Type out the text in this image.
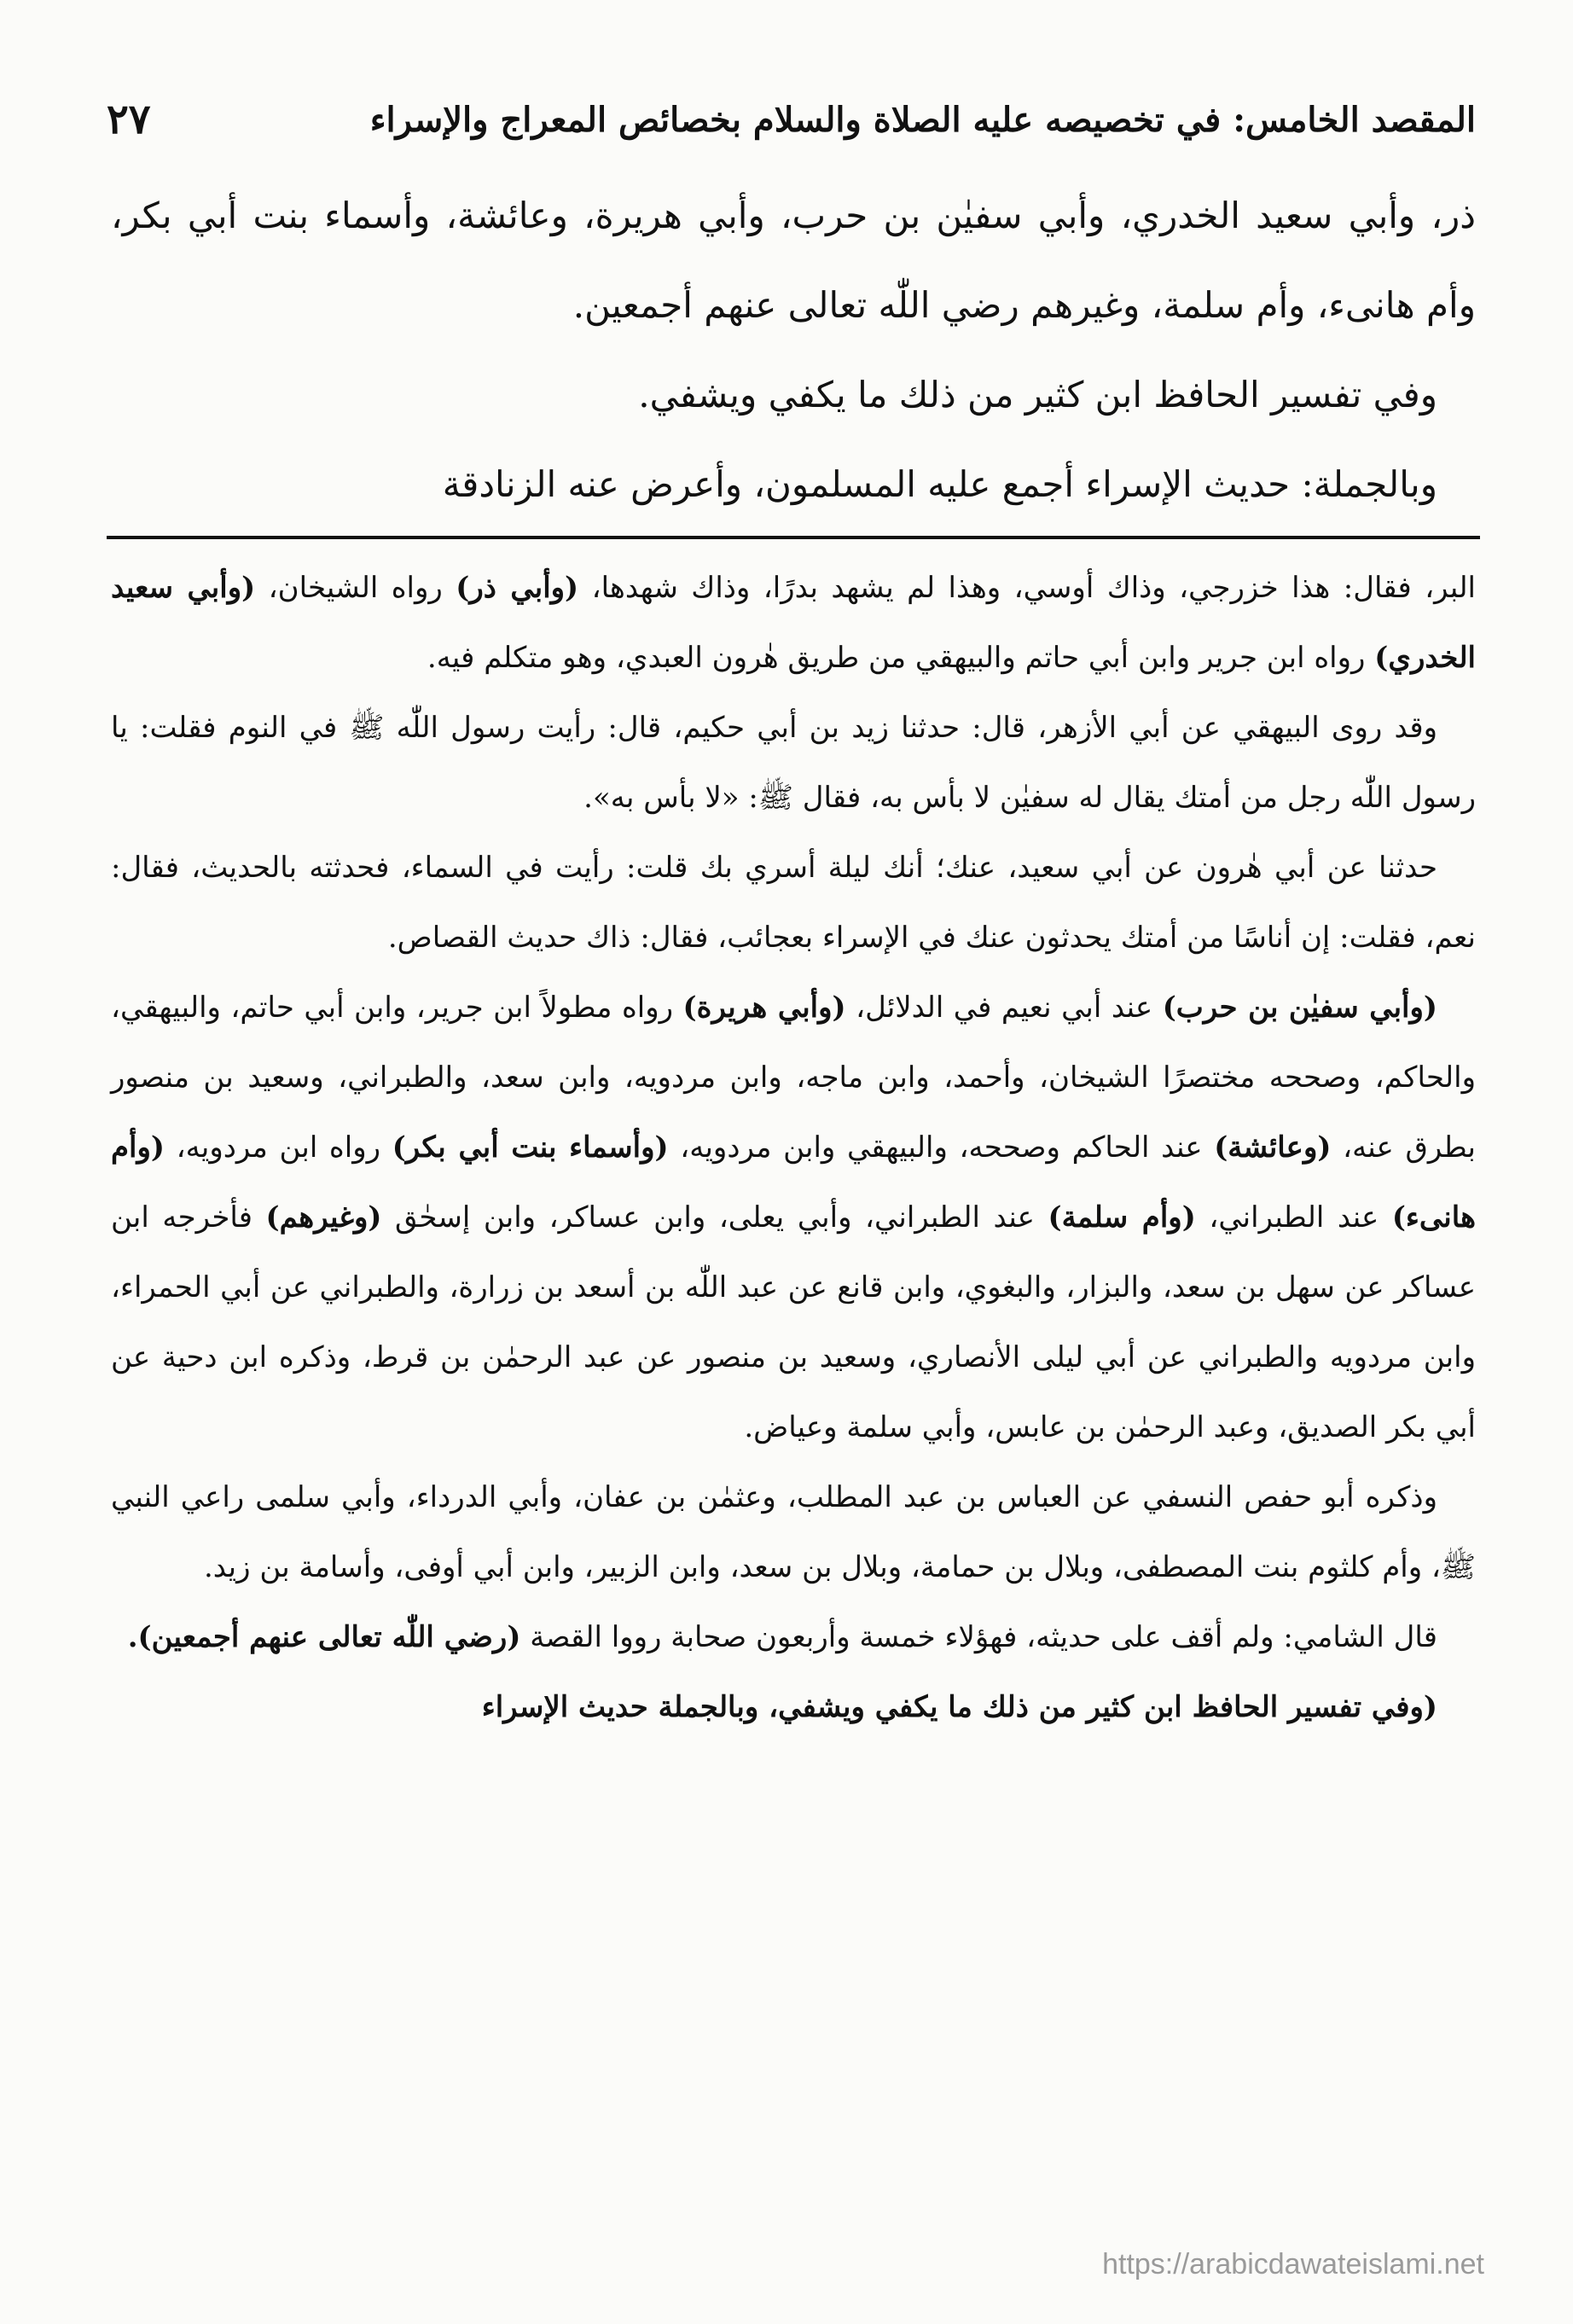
المقصد الخامس: في تخصيصه عليه الصلاة والسلام بخصائص المعراج والإسراء
٢٧

ذر، وأبي سعيد الخدري، وأبي سفيٰن بن حرب، وأبي هريرة، وعائشة، وأسماء بنت أبي بكر، وأم هانىء، وأم سلمة، وغيرهم رضي اللّٰه تعالى عنهم أجمعين.

وفي تفسير الحافظ ابن كثير من ذلك ما يكفي ويشفي.

وبالجملة: حديث الإسراء أجمع عليه المسلمون، وأعرض عنه الزنادقة

البر، فقال: هذا خزرجي، وذاك أوسي، وهذا لم يشهد بدرًا، وذاك شهدها، (وأبي ذر) رواه الشيخان، (وأبي سعيد الخدري) رواه ابن جرير وابن أبي حاتم والبيهقي من طريق هٰرون العبدي، وهو متكلم فيه.

وقد روى البيهقي عن أبي الأزهر، قال: حدثنا زيد بن أبي حكيم، قال: رأيت رسول اللّٰه ﷺ في النوم فقلت: يا رسول اللّٰه رجل من أمتك يقال له سفيٰن لا بأس به، فقال ﷺ: «لا بأس به».

حدثنا عن أبي هٰرون عن أبي سعيد، عنك؛ أنك ليلة أسري بك قلت: رأيت في السماء، فحدثته بالحديث، فقال: نعم، فقلت: إن أناسًا من أمتك يحدثون عنك في الإسراء بعجائب، فقال: ذاك حديث القصاص.

(وأبي سفيٰن بن حرب) عند أبي نعيم في الدلائل، (وأبي هريرة) رواه مطولاً ابن جرير، وابن أبي حاتم، والبيهقي، والحاكم، وصححه مختصرًا الشيخان، وأحمد، وابن ماجه، وابن مردويه، وابن سعد، والطبراني، وسعيد بن منصور بطرق عنه، (وعائشة) عند الحاكم وصححه، والبيهقي وابن مردويه، (وأسماء بنت أبي بكر) رواه ابن مردويه، (وأم هانىء) عند الطبراني، (وأم سلمة) عند الطبراني، وأبي يعلى، وابن عساكر، وابن إسحٰق (وغيرهم) فأخرجه ابن عساكر عن سهل بن سعد، والبزار، والبغوي، وابن قانع عن عبد اللّٰه بن أسعد بن زرارة، والطبراني عن أبي الحمراء، وابن مردويه والطبراني عن أبي ليلى الأنصاري، وسعيد بن منصور عن عبد الرحمٰن بن قرط، وذكره ابن دحية عن أبي بكر الصديق، وعبد الرحمٰن بن عابس، وأبي سلمة وعياض.

وذكره أبو حفص النسفي عن العباس بن عبد المطلب، وعثمٰن بن عفان، وأبي الدرداء، وأبي سلمى راعي النبي ﷺ، وأم كلثوم بنت المصطفى، وبلال بن حمامة، وبلال بن سعد، وابن الزبير، وابن أبي أوفى، وأسامة بن زيد.

قال الشامي: ولم أقف على حديثه، فهؤلاء خمسة وأربعون صحابة رووا القصة (رضي اللّٰه تعالى عنهم أجمعين).

(وفي تفسير الحافظ ابن كثير من ذلك ما يكفي ويشفي، وبالجملة حديث الإسراء

https://arabicdawateislami.net
